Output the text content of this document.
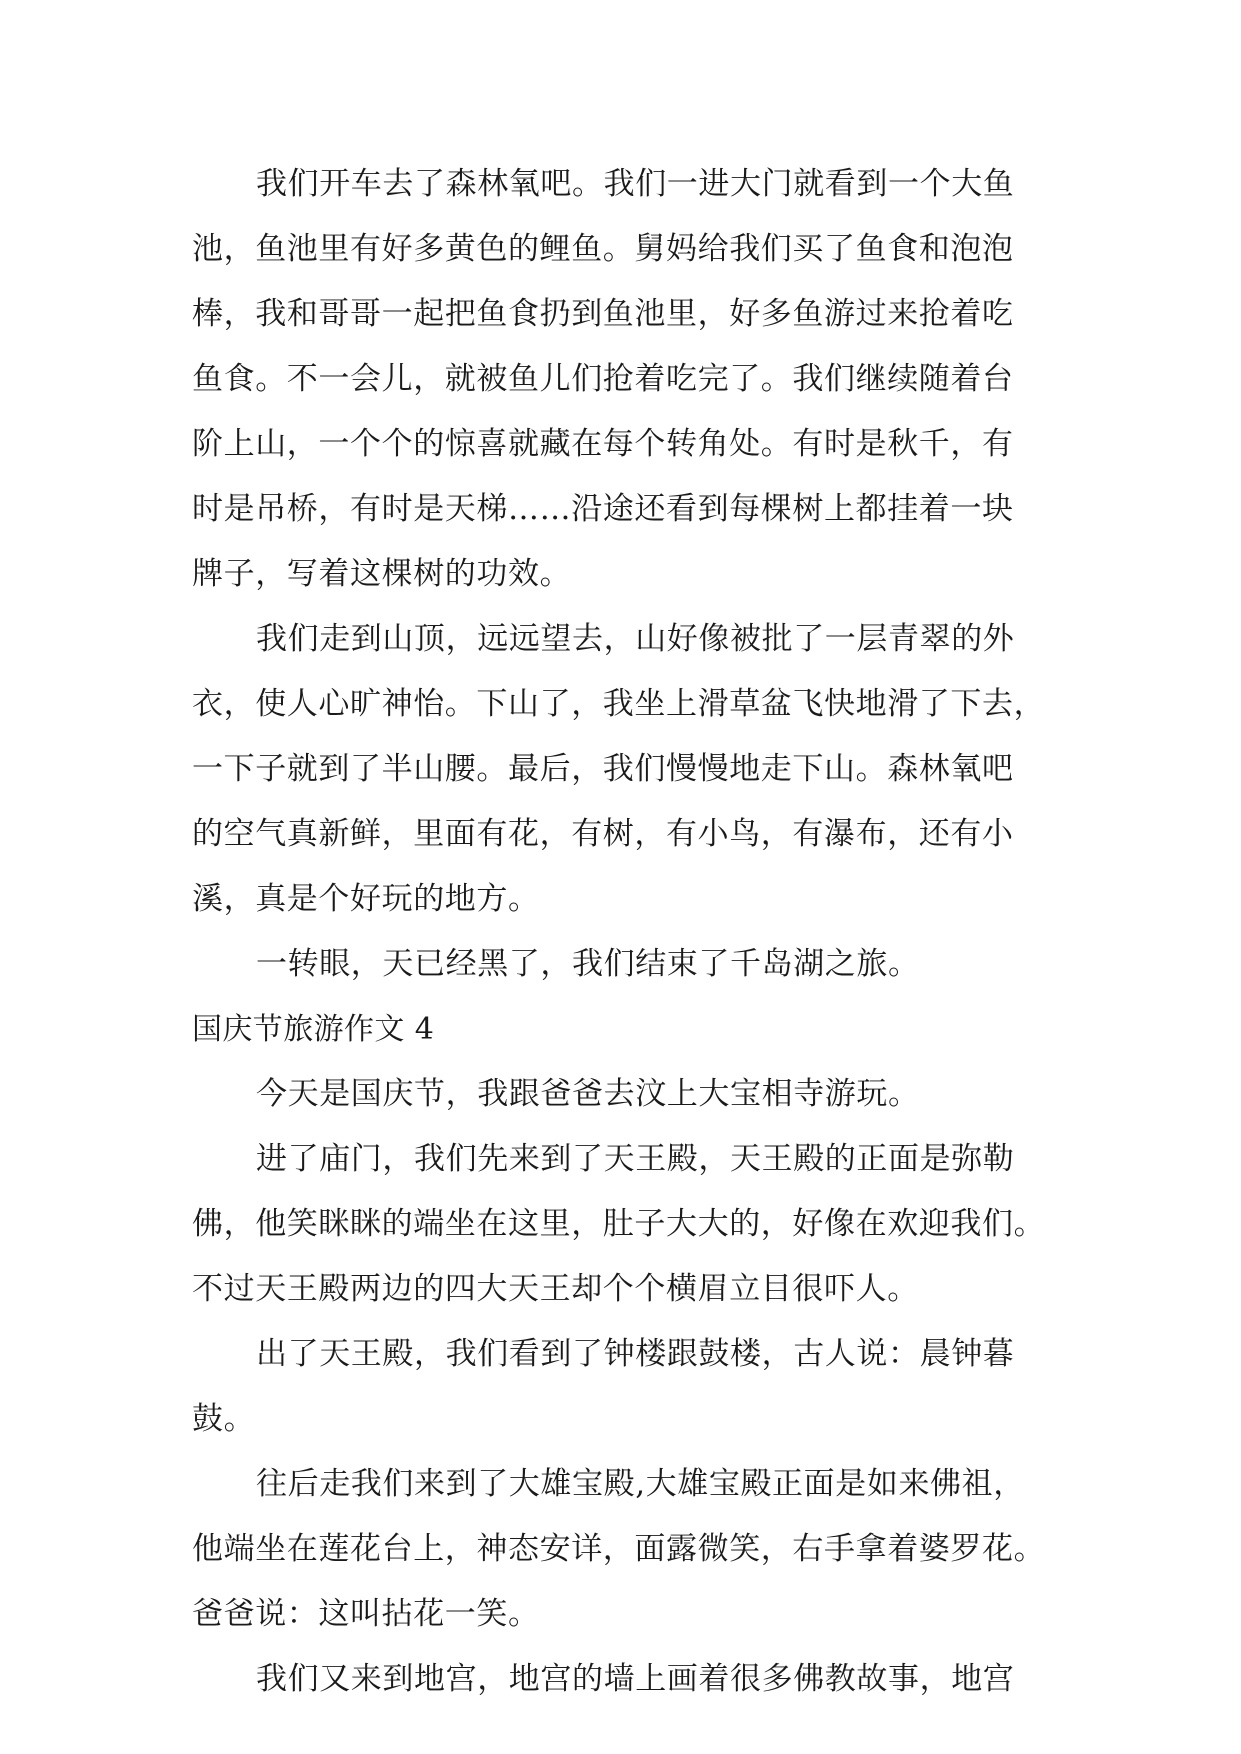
我们开车去了森林氧吧。我们一进大门就看到一个大鱼
池，鱼池里有好多黄色的鲤鱼。舅妈给我们买了鱼食和泡泡
棒，我和哥哥一起把鱼食扔到鱼池里，好多鱼游过来抢着吃
鱼食。不一会儿，就被鱼儿们抢着吃完了。我们继续随着台
阶上山，一个个的惊喜就藏在每个转角处。有时是秋千，有
时是吊桥，有时是天梯……沿途还看到每棵树上都挂着一块
牌子，写着这棵树的功效。
我们走到山顶，远远望去，山好像被批了一层青翠的外
衣，使人心旷神怡。下山了，我坐上滑草盆飞快地滑了下去，
一下子就到了半山腰。最后，我们慢慢地走下山。森林氧吧
的空气真新鲜，里面有花，有树，有小鸟，有瀑布，还有小
溪，真是个好玩的地方。
一转眼，天已经黑了，我们结束了千岛湖之旅。
国庆节旅游作文 4
今天是国庆节，我跟爸爸去汶上大宝相寺游玩。
进了庙门，我们先来到了天王殿，天王殿的正面是弥勒
佛，他笑眯眯的端坐在这里，肚子大大的，好像在欢迎我们。
不过天王殿两边的四大天王却个个横眉立目很吓人。
出了天王殿，我们看到了钟楼跟鼓楼，古人说：晨钟暮
鼓。
往后走我们来到了大雄宝殿,大雄宝殿正面是如来佛祖，
他端坐在莲花台上，神态安详，面露微笑，右手拿着婆罗花。
爸爸说：这叫拈花一笑。
我们又来到地宫，地宫的墙上画着很多佛教故事，地宫
